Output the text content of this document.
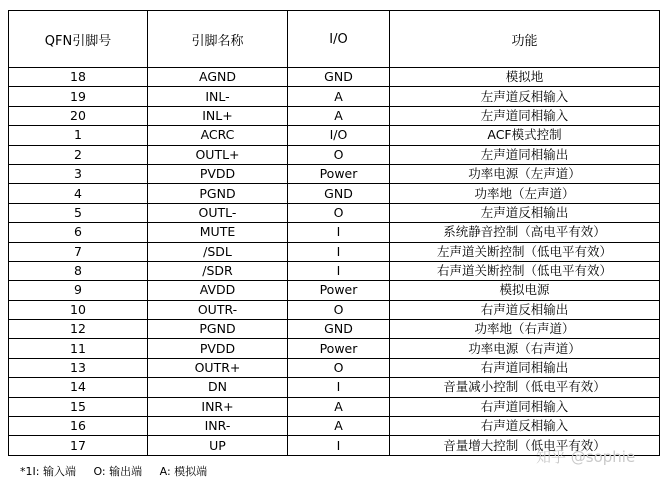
QFN引脚号	引脚名称	I/O	功能
18	AGND	GND	模拟地
19	INL-	A	左声道反相输入
20	INL+	A	左声道同相输入
1	ACRC	I/O	ACF模式控制
2	OUTL+	O	左声道同相输出
3	PVDD	Power	功率电源（左声道）
4	PGND	GND	功率地（左声道）
5	OUTL-	O	左声道反相输出
6	MUTE	I	系统静音控制（高电平有效）
7	/SDL	I	左声道关断控制（低电平有效）
8	/SDR	I	右声道关断控制（低电平有效）
9	AVDD	Power	模拟电源
10	OUTR-	O	右声道反相输出
12	PGND	GND	功率地（右声道）
11	PVDD	Power	功率电源（右声道）
13	OUTR+	O	右声道同相输出
14	DN	I	音量减小控制（低电平有效）
15	INR+	A	右声道同相输入
16	INR-	A	右声道反相输入
17	UP	I	音量增大控制（低电平有效）
*1I: 输入端 O: 输出端 A: 模拟端
知乎 @sophie
